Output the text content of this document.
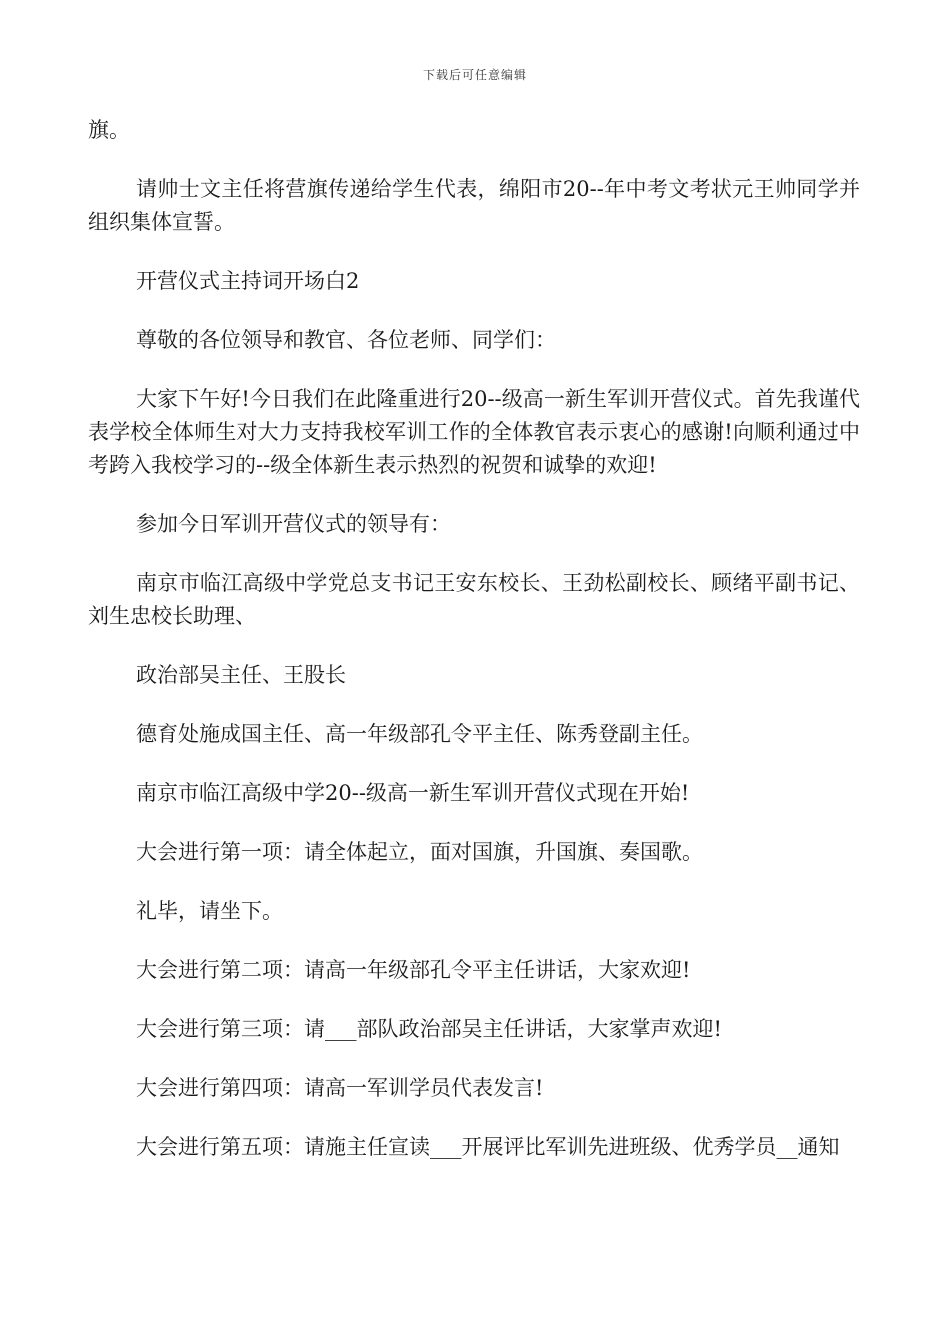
下载后可任意编辑

旗。

请帅士文主任将营旗传递给学生代表，绵阳市20--年中考文考状元王帅同学并组织集体宣誓。

开营仪式主持词开场白2

尊敬的各位领导和教官、各位老师、同学们：

大家下午好!今日我们在此隆重进行20--级高一新生军训开营仪式。首先我谨代表学校全体师生对大力支持我校军训工作的全体教官表示衷心的感谢!向顺利通过中考跨入我校学习的--级全体新生表示热烈的祝贺和诚挚的欢迎!

参加今日军训开营仪式的领导有：

南京市临江高级中学党总支书记王安东校长、王劲松副校长、顾绪平副书记、刘生忠校长助理、

政治部吴主任、王股长

德育处施成国主任、高一年级部孔令平主任、陈秀登副主任。

南京市临江高级中学20--级高一新生军训开营仪式现在开始!

大会进行第一项：请全体起立，面对国旗，升国旗、奏国歌。

礼毕，请坐下。

大会进行第二项：请高一年级部孔令平主任讲话，大家欢迎!

大会进行第三项：请___部队政治部吴主任讲话，大家掌声欢迎!

大会进行第四项：请高一军训学员代表发言!

大会进行第五项：请施主任宣读___开展评比军训先进班级、优秀学员__通知
